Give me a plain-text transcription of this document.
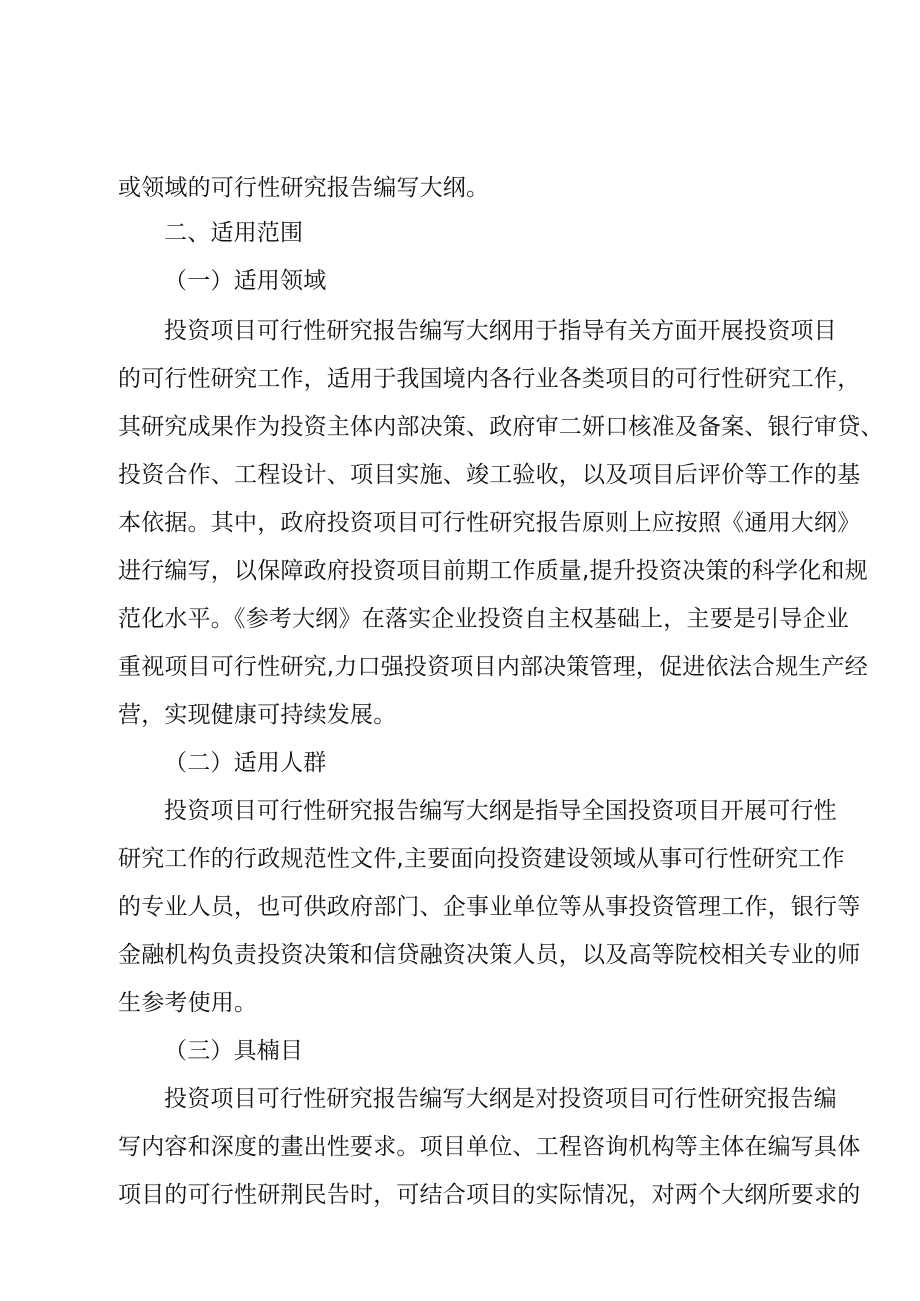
或领域的可行性研究报告编写大纲。
二、适用范围
（一）适用领域
投资项目可行性研究报告编写大纲用于指导有关方面开展投资项目
的可行性研究工作，适用于我国境内各行业各类项目的可行性研究工作，
其研究成果作为投资主体内部决策、政府审二妍口核准及备案、银行审贷、
投资合作、工程设计、项目实施、竣工验收，以及项目后评价等工作的基
本依据。其中，政府投资项目可行性研究报告原则上应按照《通用大纲》
进行编写，以保障政府投资项目前期工作质量,提升投资决策的科学化和规
范化水平。《参考大纲》在落实企业投资自主权基础上，主要是引导企业
重视项目可行性研究,力口强投资项目内部决策管理，促进依法合规生产经
营，实现健康可持续发展。
（二）适用人群
投资项目可行性研究报告编写大纲是指导全国投资项目开展可行性
研究工作的行政规范性文件,主要面向投资建设领域从事可行性研究工作
的专业人员，也可供政府部门、企事业单位等从事投资管理工作，银行等
金融机构负责投资决策和信贷融资决策人员，以及高等院校相关专业的师
生参考使用。
（三）具楠目
投资项目可行性研究报告编写大纲是对投资项目可行性研究报告编
写内容和深度的畫出性要求。项目单位、工程咨询机构等主体在编写具体
项目的可行性研荆民告时，可结合项目的实际情况，对两个大纲所要求的
